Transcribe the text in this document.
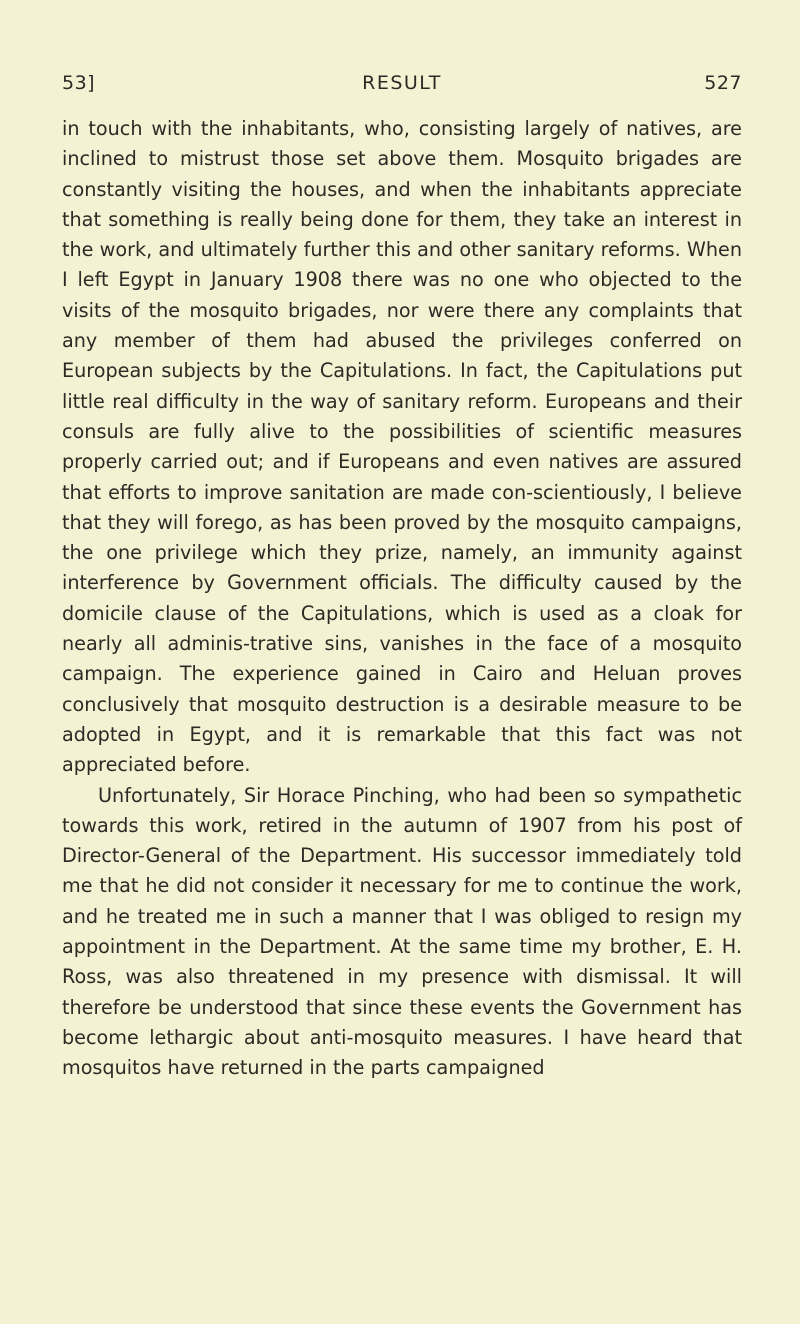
53]	RESULT	527

in touch with the inhabitants, who, consisting largely of natives, are inclined to mistrust those set above them. Mosquito brigades are constantly visiting the houses, and when the inhabitants appreciate that something is really being done for them, they take an interest in the work, and ultimately further this and other sanitary reforms. When I left Egypt in January 1908 there was no one who objected to the visits of the mosquito brigades, nor were there any complaints that any member of them had abused the privileges conferred on European subjects by the Capitulations. In fact, the Capitulations put little real difficulty in the way of sanitary reform. Europeans and their consuls are fully alive to the possibilities of scientific measures properly carried out; and if Europeans and even natives are assured that efforts to improve sanitation are made con-scientiously, I believe that they will forego, as has been proved by the mosquito campaigns, the one privilege which they prize, namely, an immunity against interference by Government officials. The difficulty caused by the domicile clause of the Capitulations, which is used as a cloak for nearly all adminis-trative sins, vanishes in the face of a mosquito campaign. The experience gained in Cairo and Heluan proves conclusively that mosquito destruction is a desirable measure to be adopted in Egypt, and it is remarkable that this fact was not appreciated before.

Unfortunately, Sir Horace Pinching, who had been so sympathetic towards this work, retired in the autumn of 1907 from his post of Director-General of the Department. His successor immediately told me that he did not consider it necessary for me to continue the work, and he treated me in such a manner that I was obliged to resign my appointment in the Department. At the same time my brother, E. H. Ross, was also threatened in my presence with dismissal. It will therefore be understood that since these events the Government has become lethargic about anti-mosquito measures. I have heard that mosquitos have returned in the parts campaigned
